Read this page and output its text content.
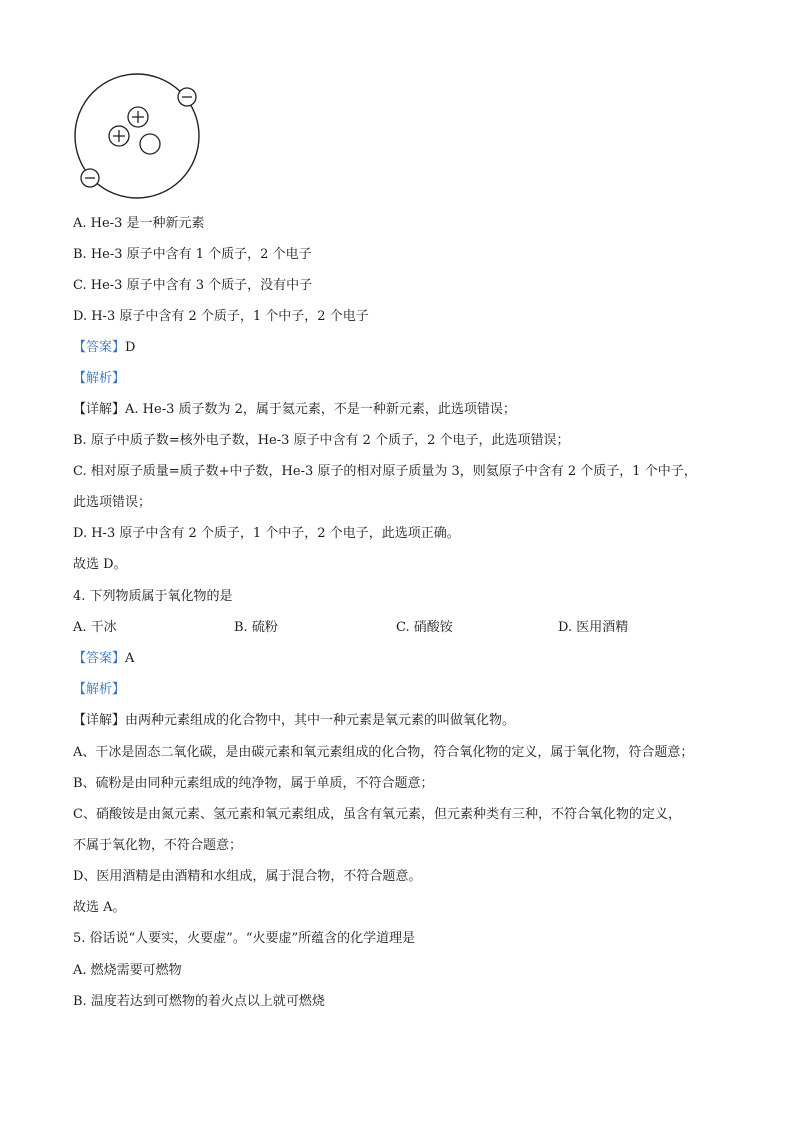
A. He-3 是一种新元素
B. He-3 原子中含有 1 个质子，2 个电子
C. He-3 原子中含有 3 个质子，没有中子
D. H-3 原子中含有 2 个质子，1 个中子，2 个电子
【答案】D
【解析】
【详解】A. He-3 质子数为 2，属于氦元素，不是一种新元素，此选项错误；
B. 原子中质子数=核外电子数，He-3 原子中含有 2 个质子，2 个电子，此选项错误；
C. 相对原子质量=质子数+中子数，He-3 原子的相对原子质量为 3，则氦原子中含有 2 个质子，1 个中子，
此选项错误；
D. H-3 原子中含有 2 个质子，1 个中子，2 个电子，此选项正确。
故选 D。
4. 下列物质属于氧化物的是
A. 干冰	B. 硫粉	C. 硝酸铵	D. 医用酒精
【答案】A
【解析】
【详解】由两种元素组成的化合物中，其中一种元素是氧元素的叫做氧化物。
A、干冰是固态二氧化碳，是由碳元素和氧元素组成的化合物，符合氧化物的定义，属于氧化物，符合题意；
B、硫粉是由同种元素组成的纯净物，属于单质，不符合题意；
C、硝酸铵是由氮元素、氢元素和氧元素组成，虽含有氧元素，但元素种类有三种，不符合氧化物的定义，
不属于氧化物，不符合题意；
D、医用酒精是由酒精和水组成，属于混合物，不符合题意。
故选 A。
5. 俗话说“人要实，火要虚”。“火要虚”所蕴含的化学道理是
A. 燃烧需要可燃物
B. 温度若达到可燃物的着火点以上就可燃烧
